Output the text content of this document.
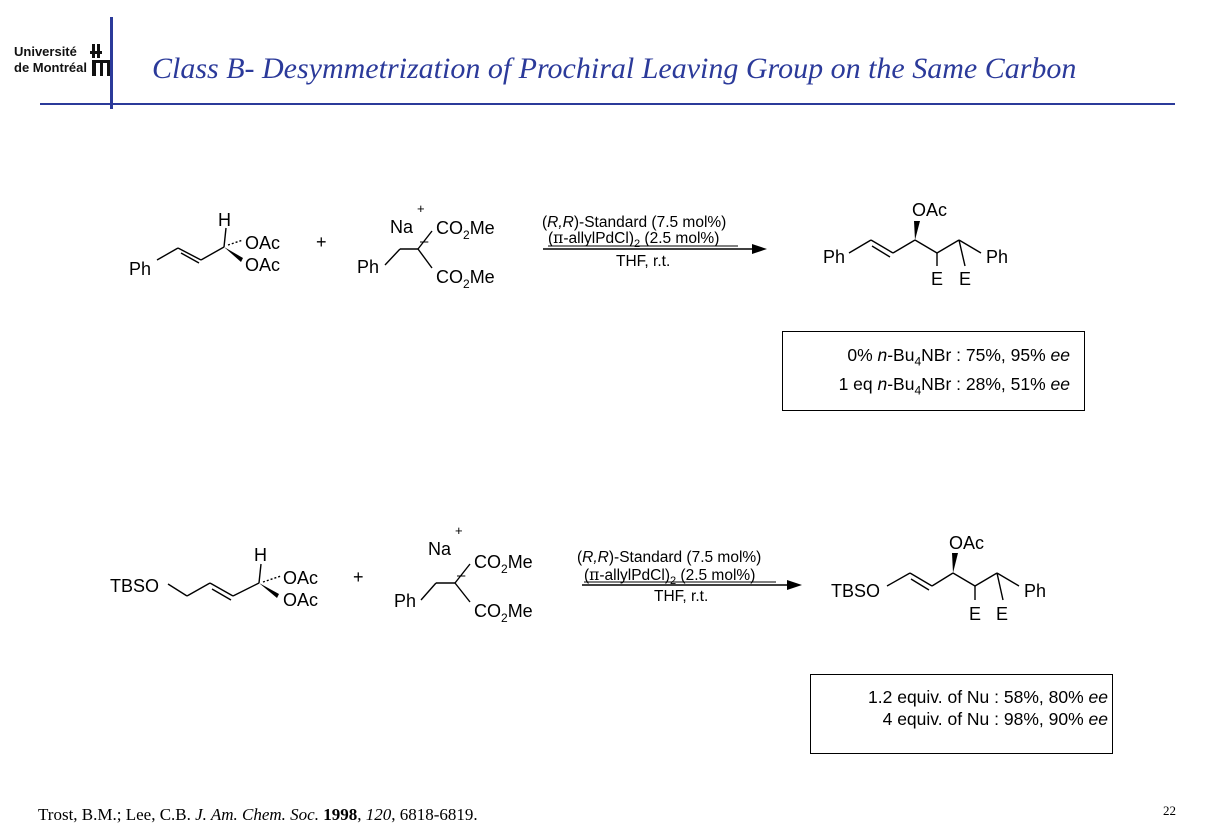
Université
de Montréal Class B- Desymmetrization of Prochiral Leaving Group on the Same Carbon
Ph
H
OAc
OAc
+
Na
+
–
Ph
$CO_2Me$
$CO_2Me$
(R,R)-Standard (7.5 mol%)
$(\pi-allylPdCl)_2$ (2.5 mol%)
THF, r.t.	Ph
OAc
Ph
E E
TBSO
H
OAc
OAc
+
Na
+
–
Ph
$CO_2Me$
$CO_2Me$
(R,R)-Standard (7.5 mol%)
$(\pi-allylPdCl)_2$ (2.5 mol%)
THF, r.t.	TBSO
OAc
Ph
E E
0% $n-Bu_4NBr$ : 75%, 95% ee
1 eq $n-Bu_4NBr$ : 28%, 51% ee
1.2 equiv. of Nu : 58%, 80% ee
4 equiv. of Nu : 98%, 90% ee
Trost, B.M.; Lee, C.B. J. Am. Chem. Soc. 1998, 120, 6818-6819.	22
